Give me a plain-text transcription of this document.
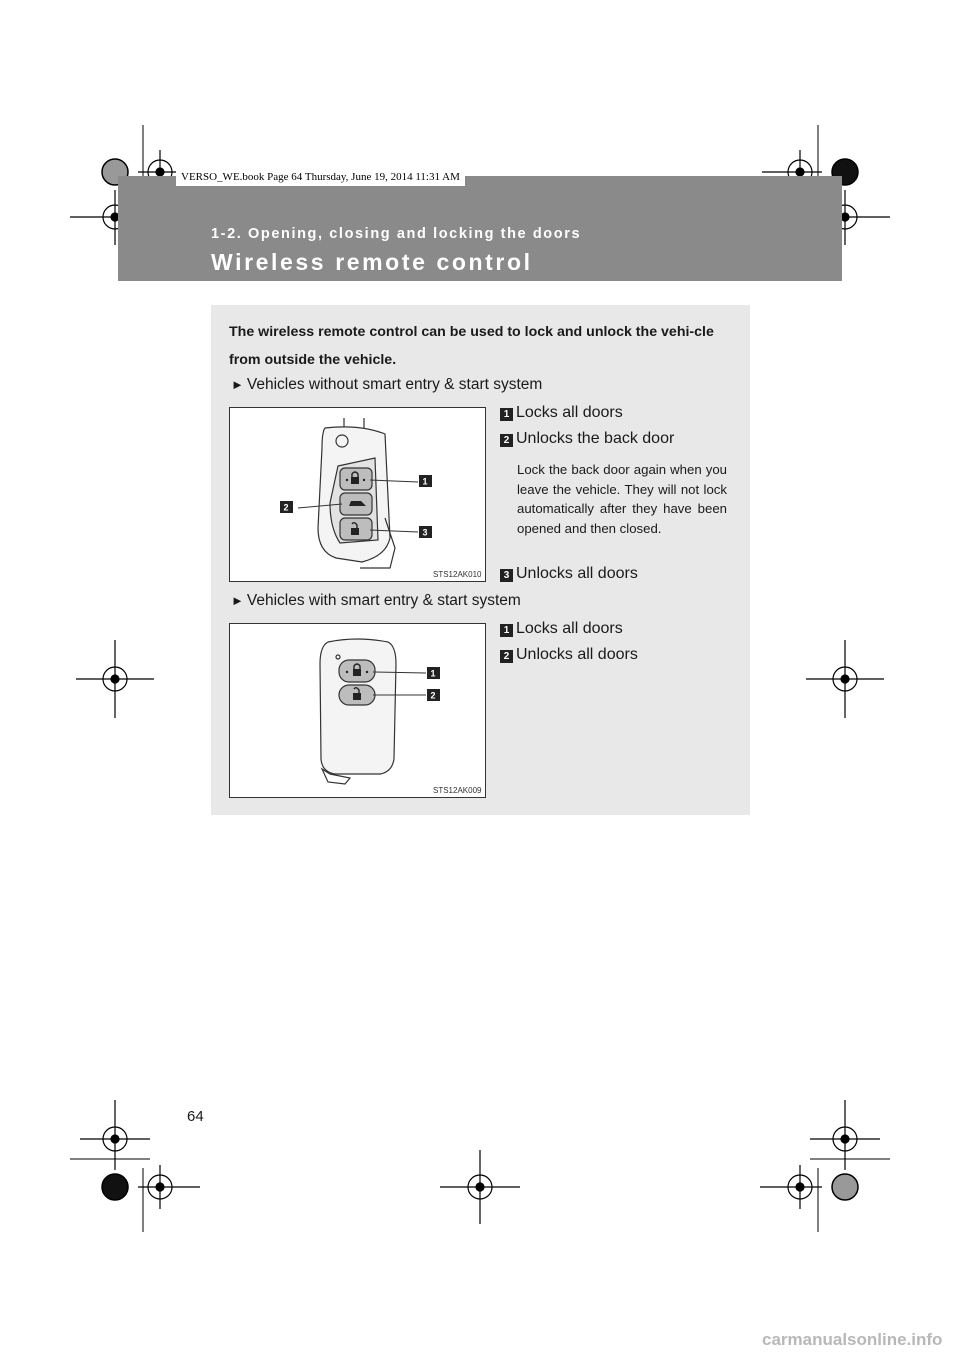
VERSO_WE.book Page 64 Thursday, June 19, 2014 11:31 AM
1-2. Opening, closing and locking the doors
Wireless remote control
The wireless remote control can be used to lock and unlock the vehi-cle from outside the vehicle.
► Vehicles without smart entry & start system
1
2
3
STS12AK010
1 Locks all doors
2 Unlocks the back door
Lock the back door again when you leave the vehicle. They will not lock automatically after they have been opened and then closed.
3 Unlocks all doors
► Vehicles with smart entry & start system
1
2
STS12AK009
1 Locks all doors
2 Unlocks all doors
64
carmanualsonline.info
